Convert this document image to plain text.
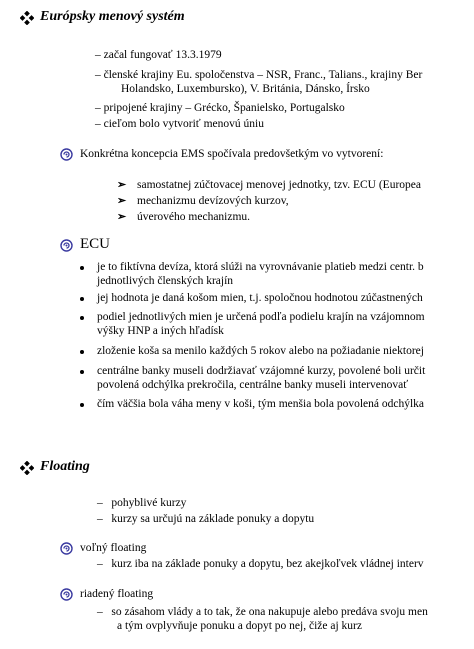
Európsky menový systém
– začal fungovať 13.3.1979
– členské krajiny Eu. spoločenstva – NSR, Franc., Talians., krajiny Ber
Holandsko, Luxembursko), V. Británia, Dánsko, Írsko
– pripojené krajiny – Grécko, Španielsko, Portugalsko
– cieľom bolo vytvoriť menovú úniu
Konkrétna koncepcia EMS spočívala predovšetkým vo vytvorení:
➢ samostatnej zúčtovacej menovej jednotky, tzv. ECU (Europea
➢ mechanizmu devízových kurzov,
➢ úverového mechanizmu.
ECU
je to fiktívna devíza, ktorá slúži na vyrovnávanie platieb medzi centr. b
jednotlivých členských krajín
jej hodnota je daná košom mien, t.j. spoločnou hodnotou zúčastnených
podiel jednotlivých mien je určená podľa podielu krajín na vzájomnom
výšky HNP a iných hľadísk
zloženie koša sa menilo každých 5 rokov alebo na požiadanie niektorej
centrálne banky museli dodržiavať vzájomné kurzy, povolené boli určit
povolená odchýlka prekročila, centrálne banky museli intervenovať
čím väčšia bola váha meny v koši, tým menšia bola povolená odchýlka
Floating
– pohyblivé kurzy
– kurzy sa určujú na základe ponuky a dopytu
voľný floating
– kurz iba na základe ponuky a dopytu, bez akejkoľvek vládnej interv
riadený floating
– so zásahom vlády a to tak, že ona nakupuje alebo predáva svoju men
a tým ovplyvňuje ponuku a dopyt po nej, čiže aj kurz
